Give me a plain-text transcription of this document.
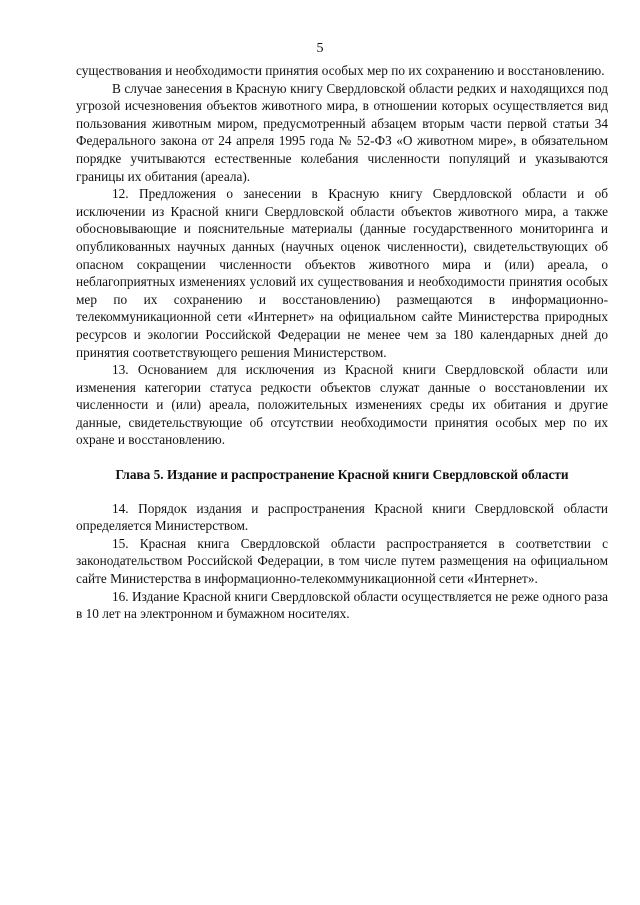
5

существования и необходимости принятия особых мер по их сохранению и восстановлению.

В случае занесения в Красную книгу Свердловской области редких и находящихся под угрозой исчезновения объектов животного мира, в отношении которых осуществляется вид пользования животным миром, предусмотренный абзацем вторым части первой статьи 34 Федерального закона от 24 апреля 1995 года № 52-ФЗ «О животном мире», в обязательном порядке учитываются естественные колебания численности популяций и указываются границы их обитания (ареала).

12. Предложения о занесении в Красную книгу Свердловской области и об исключении из Красной книги Свердловской области объектов животного мира, а также обосновывающие и пояснительные материалы (данные государственного мониторинга и опубликованных научных данных (научных оценок численности), свидетельствующих об опасном сокращении численности объектов животного мира и (или) ареала, о неблагоприятных изменениях условий их существования и необходимости принятия особых мер по их сохранению и восстановлению) размещаются в информационно-телекоммуникационной сети «Интернет» на официальном сайте Министерства природных ресурсов и экологии Российской Федерации не менее чем за 180 календарных дней до принятия соответствующего решения Министерством.

13. Основанием для исключения из Красной книги Свердловской области или изменения категории статуса редкости объектов служат данные о восстановлении их численности и (или) ареала, положительных изменениях среды их обитания и другие данные, свидетельствующие об отсутствии необходимости принятия особых мер по их охране и восстановлению.

Глава 5. Издание и распространение Красной книги Свердловской области

14. Порядок издания и распространения Красной книги Свердловской области определяется Министерством.

15. Красная книга Свердловской области распространяется в соответствии с законодательством Российской Федерации, в том числе путем размещения на официальном сайте Министерства в информационно-телекоммуникационной сети «Интернет».

16. Издание Красной книги Свердловской области осуществляется не реже одного раза в 10 лет на электронном и бумажном носителях.
